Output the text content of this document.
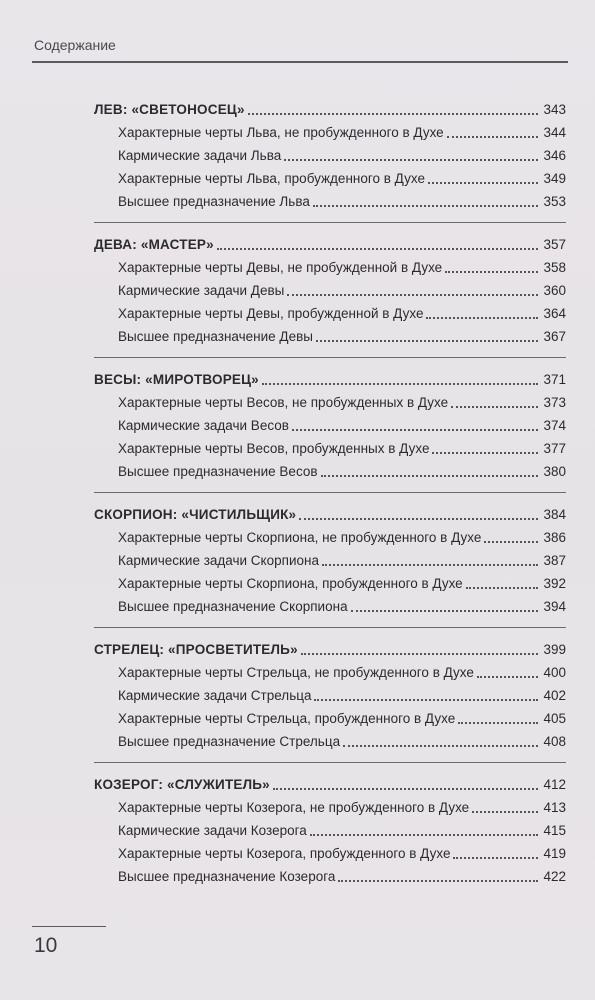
Содержание
ЛЕВ: «СВЕТОНОСЕЦ»	343
Характерные черты Льва, не пробужденного в Духе	344
Кармические задачи Льва	346
Характерные черты Льва, пробужденного в Духе	349
Высшее предназначение Льва	353
ДЕВА: «МАСТЕР»	357
Характерные черты Девы, не пробужденной в Духе	358
Кармические задачи Девы	360
Характерные черты Девы, пробужденной в Духе	364
Высшее предназначение Девы	367
ВЕСЫ: «МИРОТВОРЕЦ»	371
Характерные черты Весов, не пробужденных в Духе	373
Кармические задачи Весов	374
Характерные черты Весов, пробужденных в Духе	377
Высшее предназначение Весов	380
СКОРПИОН: «ЧИСТИЛЬЩИК»	384
Характерные черты Скорпиона, не пробужденного в Духе	386
Кармические задачи Скорпиона	387
Характерные черты Скорпиона, пробужденного в Духе	392
Высшее предназначение Скорпиона	394
СТРЕЛЕЦ: «ПРОСВЕТИТЕЛЬ»	399
Характерные черты Стрельца, не пробужденного в Духе	400
Кармические задачи Стрельца	402
Характерные черты Стрельца, пробужденного в Духе	405
Высшее предназначение Стрельца	408
КОЗЕРОГ: «СЛУЖИТЕЛЬ»	412
Характерные черты Козерога, не пробужденного в Духе	413
Кармические задачи Козерога	415
Характерные черты Козерога, пробужденного в Духе	419
Высшее предназначение Козерога	422
10
